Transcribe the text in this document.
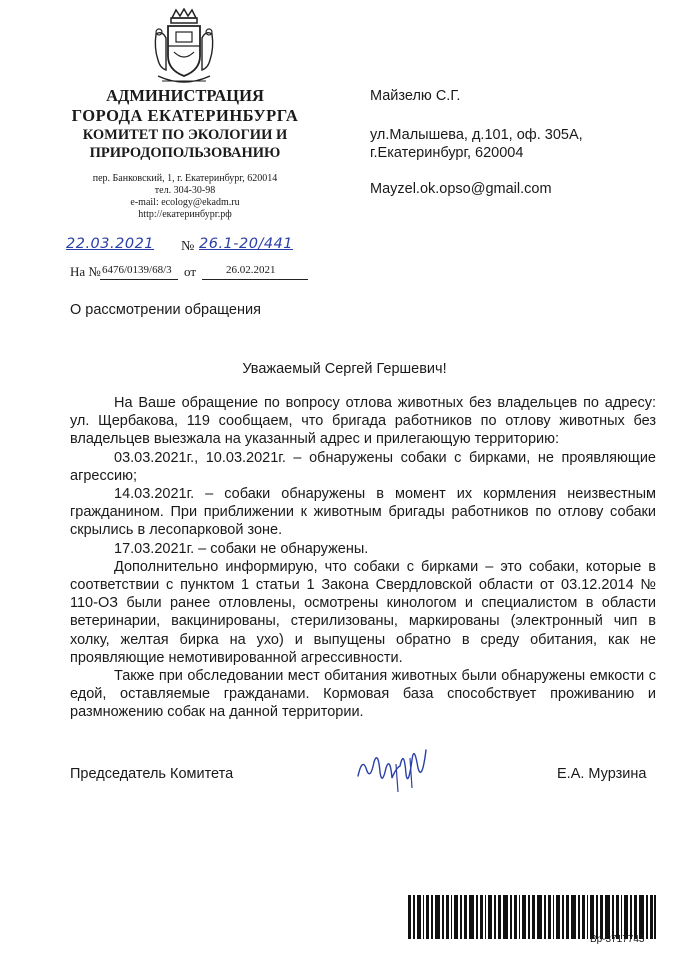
АДМИНИСТРАЦИЯ
ГОРОДА ЕКАТЕРИНБУРГА
КОМИТЕТ ПО ЭКОЛОГИИ И
ПРИРОДОПОЛЬЗОВАНИЮ
пер. Банковский, 1, г. Екатеринбург, 620014
тел. 304-30-98
e-mail: ecology@ekadm.ru
http://екатеринбург.рф
Майзелю С.Г.
ул.Малышева, д.101, оф. 305А,
г.Екатеринбург, 620004
Mayzel.ok.opso@gmail.com
22.03.2021 № 26.1-20/441
На № 6476/0139/68/3 от	26.02.2021
О рассмотрении обращения
Уважаемый Сергей Гершевич!

На Ваше обращение по вопросу отлова животных без владельцев по адресу: ул. Щербакова, 119 сообщаем, что бригада работников по отлову животных без владельцев выезжала на указанный адрес и прилегающую территорию:

03.03.2021г., 10.03.2021г. – обнаружены собаки с бирками, не проявляющие агрессию;

14.03.2021г. – собаки обнаружены в момент их кормления неизвестным гражданином. При приближении к животным бригады работников по отлову собаки скрылись в лесопарковой зоне.

17.03.2021г. – собаки не обнаружены.

Дополнительно информирую, что собаки с бирками – это собаки, которые в соответствии с пунктом 1 статьи 1 Закона Свердловской области от 03.12.2014 № 110-ОЗ были ранее отловлены, осмотрены кинологом и специалистом в области ветеринарии, вакцинированы, стерилизованы, маркированы (электронный чип в холку, желтая бирка на ухо) и выпущены обратно в среду обитания, как не проявляющие немотивированной агрессивности.

Также при обследовании мест обитания животных были обнаружены емкости с едой, оставляемые гражданами. Кормовая база способствует проживанию и размножению собак на данной территории.

Председатель Комитета	Е.А. Мурзина
Вр-3717743
